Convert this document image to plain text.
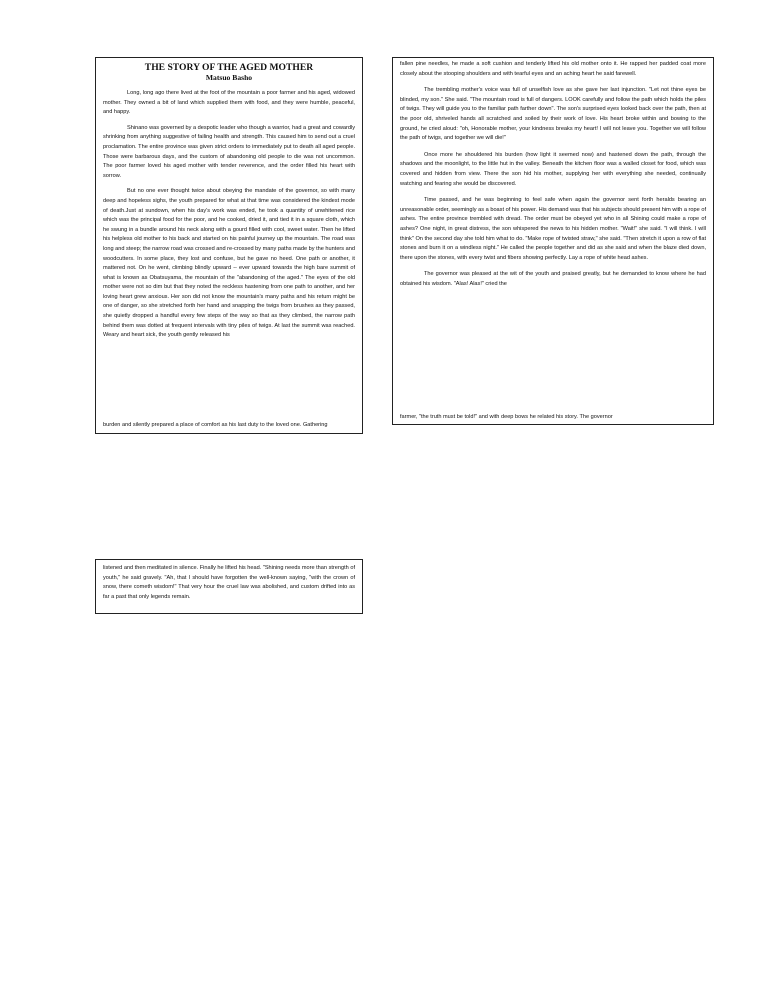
THE STORY OF THE AGED MOTHER
Matsuo Basho

Long, long ago there lived at the foot of the mountain a poor farmer and his aged, widowed mother. They owned a bit of land which supplied them with food, and they were humble, peaceful, and happy.

Shinano was governed by a despotic leader who though a warrior, had a great and cowardly shrinking from anything suggestive of failing health and strength. This caused him to send out a cruel proclamation. The entire province was given strict orders to immediately put to death all aged people. Those were barbarous days, and the custom of abandoning old people to die was not uncommon. The poor farmer loved his aged mother with tender reverence, and the order filled his heart with sorrow.

But no one ever thought twice about obeying the mandate of the governor, so with many deep and hopeless sighs, the youth prepared for what at that time was considered the kindest mode of death.Just at sundown, when his day's work was ended, he took a quantity of unwhitened rice which was the principal food for the poor, and he cooked, dried it, and tied it in a square cloth, which he swung in a bundle around his neck along with a gourd filled with cool, sweet water. Then he lifted his helpless old mother to his back and started on his painful journey up the mountain. The road was long and steep; the narrow road was crossed and re-crossed by many paths made by the hunters and woodcutters. In some place, they lost and confuse, but he gave no heed. One path or another, it mattered not. On he went, climbing blindly upward -- ever upward towards the high bare summit of what is known as Obatsuyama, the mountain of the "abandoning of the aged." The eyes of the old mother were not so dim but that they noted the reckless hastening from one path to another, and her loving heart grew anxious. Her son did not know the mountain's many paths and his return might be one of danger, so she stretched forth her hand and snapping the twigs from brushes as they passed, she quietly dropped a handful every few steps of the way so that as they climbed, the narrow path behind them was dotted at frequent intervals with tiny piles of twigs. At last the summit was reached. Weary and heart sick, the youth gently released his

burden and silently prepared a place of comfort as his last duty to the loved one. Gathering

fallen pine needles, he made a soft cushion and tenderly lifted his old mother onto it. He rapped her padded coat more closely about the stooping shoulders and with tearful eyes and an aching heart he said farewell.

The trembling mother's voice was full of unselfish love as she gave her last injunction. "Let not thine eyes be blinded, my son." She said. "The mountain road is full of dangers. LOOK carefully and follow the path which holds the piles of twigs. They will guide you to the familiar path farther down". The son's surprised eyes looked back over the path, then at the poor old, shriveled hands all scratched and soiled by their work of love. His heart broke within and bowing to the ground, he cried aloud: "oh, Honorable mother, your kindness breaks my heart! I will not leave you. Together we will follow the path of twigs, and together we will die!"

Once more he shouldered his burden (how light it seemed now) and hastened down the path, through the shadows and the moonlight, to the little hut in the valley. Beneath the kitchen floor was a walled closet for food, which was covered and hidden from view. There the son hid his mother, supplying her with everything she needed, continually watching and fearing she would be discovered.

Time passed, and he was beginning to feel safe when again the governor sent forth heralds bearing an unreasonable order, seemingly as a boast of his power. His demand was that his subjects should present him with a rope of ashes. The entire province trembled with dread. The order must be obeyed yet who in all Shining could make a rope of ashes? One night, in great distress, the son whispered the news to his hidden mother. "Wait!" she said. "I will think. I will think" On the second day she told him what to do. "Make rope of twisted straw," she said. "Then stretch it upon a row of flat stones and burn it on a windless night." He called the people together and did as she said and when the blaze died down, there upon the stones, with every twist and fibers showing perfectly. Lay a rope of white head ashes.

The governor was pleased at the wit of the youth and praised greatly, but he demanded to know where he had obtained his wisdom. "Alas! Alas!" cried the

farmer, "the truth must be told!" and with deep bows he related his story. The governor

listened and then meditated in silence. Finally he lifted his head. "Shining needs more than strength of youth," he said gravely. "Ah, that I should have forgotten the well-known saying, "with the crown of snow, there cometh wisdom!" That very hour the cruel law was abolished, and custom drifted into as far a past that only legends remain.
